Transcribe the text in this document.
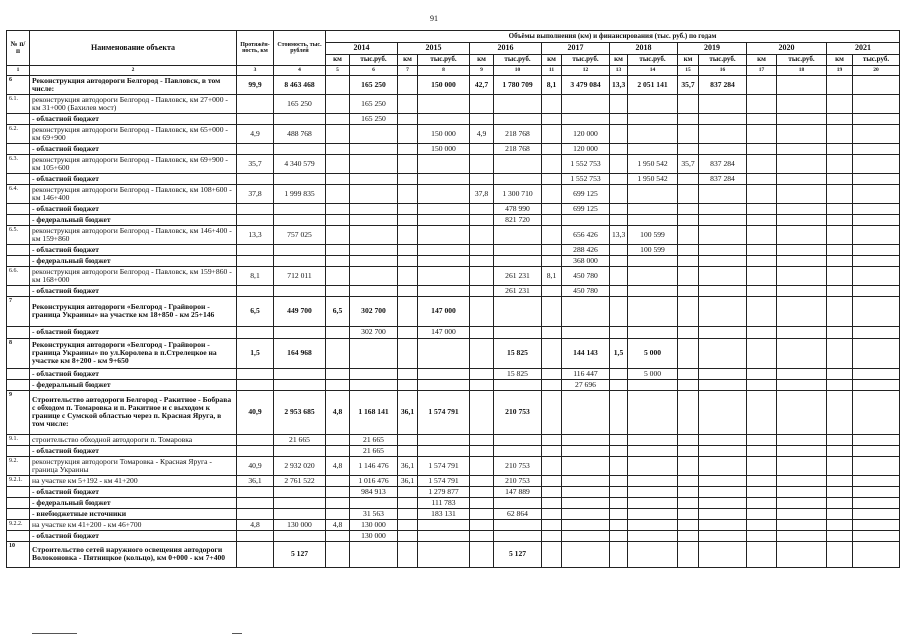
91
№ п/п	Наименование объекта	Протяжён-ность, км	Стоимость, тыс. рублей	Объёмы выполнения (км) и финансирования (тыс. руб.) по годам															
				2014		2015		2016		2017		2018		2019		2020		2021	
				км	тыс.руб.	км	тыс.руб.	км	тыс.руб.	км	тыс.руб.	км	тыс.руб.	км	тыс.руб.	км	тыс.руб.	км	тыс.руб.
1	2	3	4	5	6	7	8	9	10	11	12	13	14	15	16	17	18	19	20
6	Реконструкция автодороги Белгород - Павловск, в том числе:	99,9	8 463 468		165 250		150 000	42,7	1 780 709	8,1	3 479 084	13,3	2 051 141	35,7	837 284				
6.1.	реконструкция автодороги Белгород - Павловск, км 27+000 - км 31+000 (Бахилев мост)		165 250		165 250														
	- областной бюджет				165 250														
6.2.	реконструкция автодороги Белгород - Павловск, км 65+000 - км 69+900	4,9	488 768				150 000	4,9	218 768		120 000								
	- областной бюджет						150 000		218 768		120 000								
6.3.	реконструкция автодороги Белгород - Павловск, км 69+900 - км 105+600	35,7	4 340 579								1 552 753		1 950 542	35,7	837 284				
	- областной бюджет										1 552 753		1 950 542		837 284				
6.4.	реконструкция автодороги Белгород - Павловск, км 108+600 - км 146+400	37,8	1 999 835					37,8	1 300 710		699 125								
	- областной бюджет								478 990		699 125								
	- федеральный бюджет								821 720										
6.5.	реконструкция автодороги Белгород - Павловск, км 146+400 - км 159+860	13,3	757 025								656 426	13,3	100 599						
	- областной бюджет										288 426		100 599						
	- федеральный бюджет										368 000								
6.6.	реконструкция автодороги Белгород - Павловск, км 159+860 - км 168+000	8,1	712 011						261 231	8,1	450 780								
	- областной бюджет								261 231		450 780								
7	Реконструкция автодороги «Белгород - Грайворон - граница Украины» на участке км 18+850 - км 25+146	6,5	449 700	6,5	302 700		147 000												
	- областной бюджет				302 700		147 000												
8	Реконструкция автодороги «Белгород - Грайворон - граница Украины» по ул.Королева в п.Стрелецкое на участке км 8+200 - км 9+650	1,5	164 968						15 825		144 143	1,5	5 000						
	- областной бюджет								15 825		116 447		5 000						
	- федеральный бюджет										27 696								
9	Строительство автодороги Белгород - Ракитное - Бобрава с обходом п. Томаровка и п. Ракитное и с выходом к границе с Сумской областью через п. Красная Яруга, в том числе:	40,9	2 953 685	4,8	1 168 141	36,1	1 574 791		210 753										
9.1.	строительство обходной автодороги п. Томаровка		21 665		21 665														
	- областной бюджет				21 665														
9.2.	реконструкция автодороги Томаровка - Красная Яруга - граница Украины	40,9	2 932 020	4,8	1 146 476	36,1	1 574 791		210 753										
9.2.1.	на участке км 5+192 - км 41+200	36,1	2 761 522		1 016 476	36,1	1 574 791		210 753										
	- областной бюджет				984 913		1 279 877		147 889										
	- федеральный бюджет						111 783												
	- внебюджетные источники				31 563		183 131		62 864										
9.2.2.	на участке км 41+200 - км 46+700	4,8	130 000	4,8	130 000														
	- областной бюджет				130 000														
10	Строительство сетей наружного освещения автодороги Волоконовка - Пятницкое (кольцо), км 0+000 - км 7+400		5 127						5 127										
